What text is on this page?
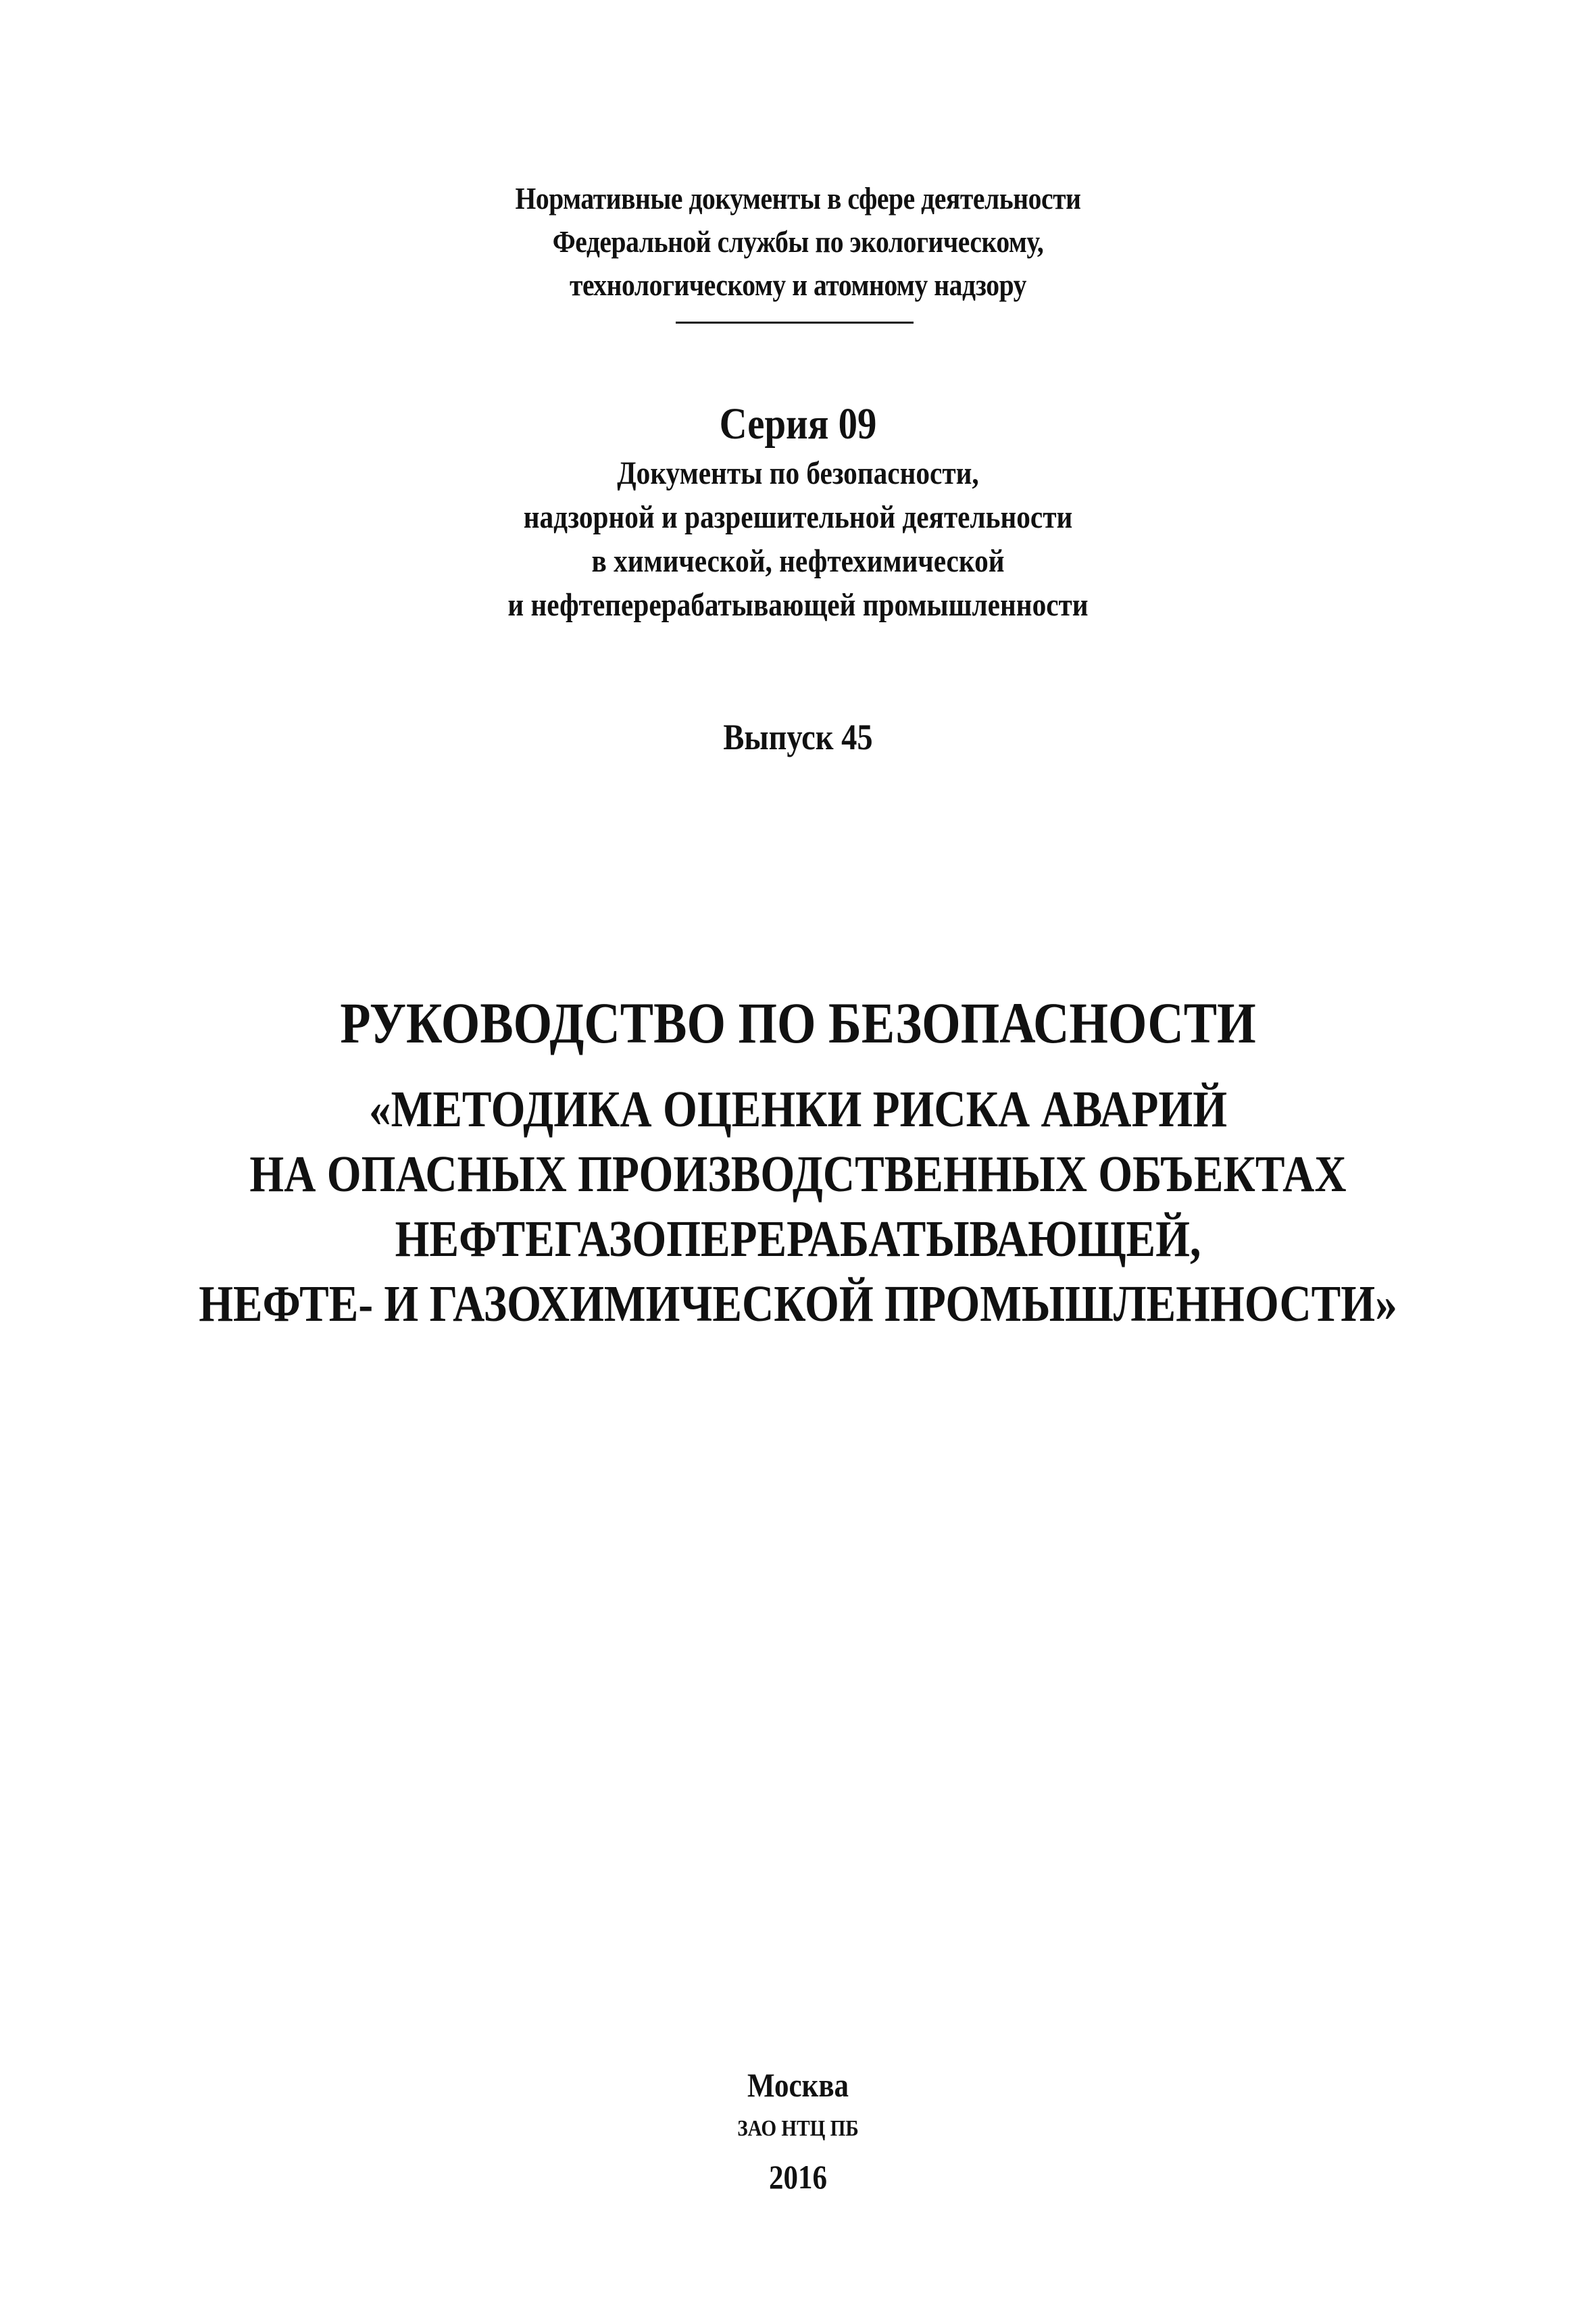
Нормативные документы в сфере деятельности
Федеральной службы по экологическому,
технологическому и атомному надзору
Серия 09
Документы по безопасности,
надзорной и разрешительной деятельности
в химической, нефтехимической
и нефтеперерабатывающей промышленности
Выпуск 45
РУКОВОДСТВО ПО БЕЗОПАСНОСТИ
«МЕТОДИКА ОЦЕНКИ РИСКА АВАРИЙ
НА ОПАСНЫХ ПРОИЗВОДСТВЕННЫХ ОБЪЕКТАХ
НЕФТЕГАЗОПЕРЕРАБАТЫВАЮЩЕЙ,
НЕФТЕ- И ГАЗОХИМИЧЕСКОЙ ПРОМЫШЛЕННОСТИ»
Москва
ЗАО НТЦ ПБ
2016
